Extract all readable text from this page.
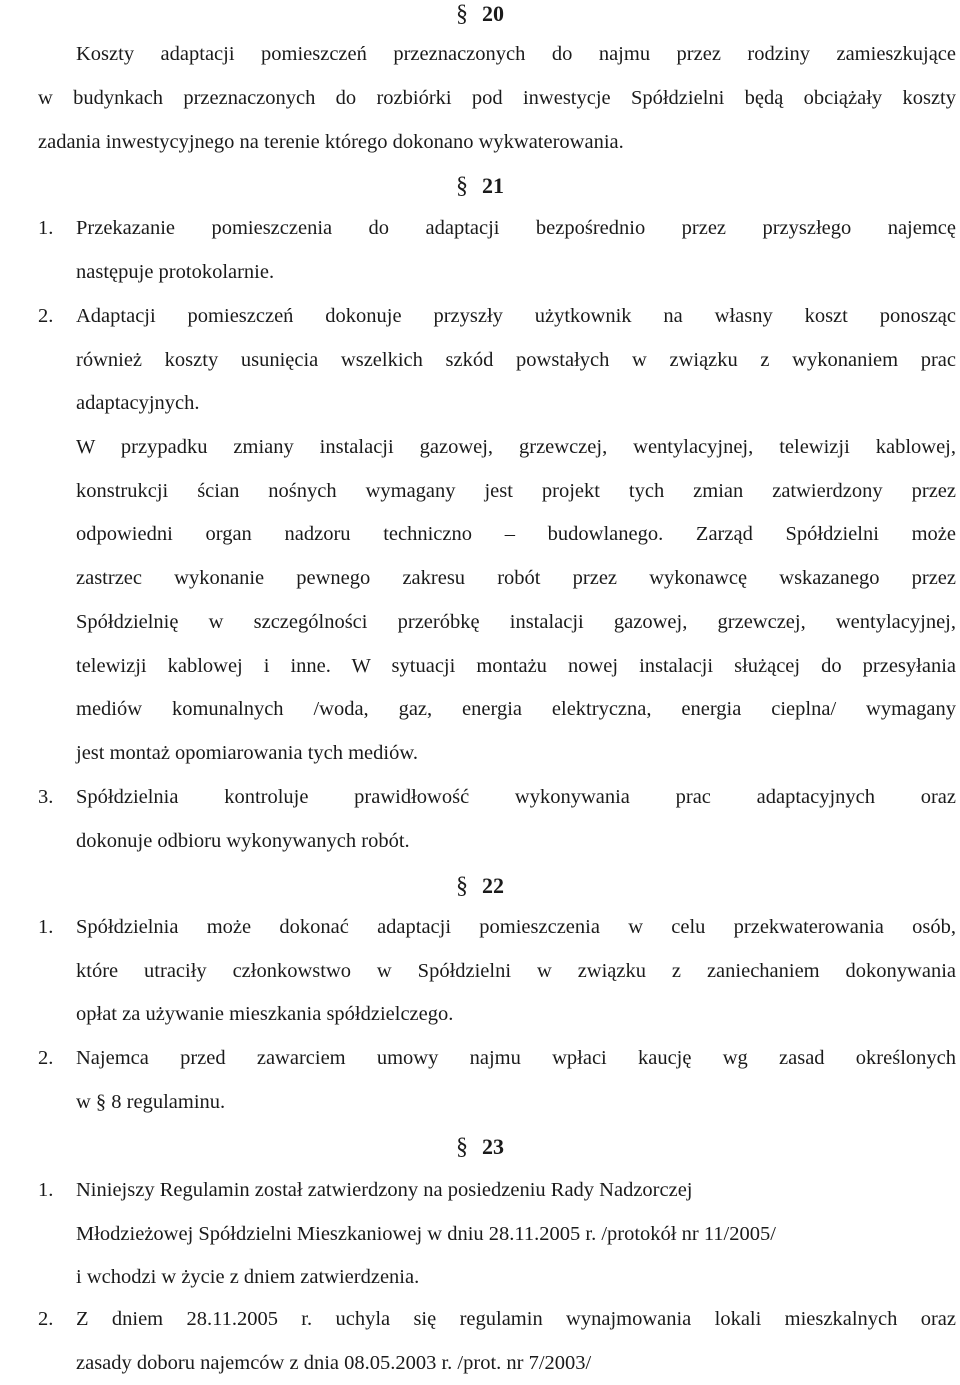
§ 20
Koszty adaptacji pomieszczeń przeznaczonych do najmu przez rodziny zamieszkujące
w budynkach przeznaczonych do rozbiórki pod inwestycje Spółdzielni będą obciążały koszty
zadania inwestycyjnego na terenie którego dokonano wykwaterowania.
§ 21
1. Przekazanie pomieszczenia do adaptacji bezpośrednio przez przyszłego najemcę
następuje protokolarnie.
2. Adaptacji pomieszczeń dokonuje przyszły użytkownik na własny koszt ponosząc
również koszty usunięcia wszelkich szkód powstałych w związku z wykonaniem prac
adaptacyjnych.
W przypadku zmiany instalacji gazowej, grzewczej, wentylacyjnej, telewizji kablowej,
konstrukcji ścian nośnych wymagany jest projekt tych zmian zatwierdzony przez
odpowiedni organ nadzoru techniczno – budowlanego. Zarząd Spółdzielni może
zastrzec wykonanie pewnego zakresu robót przez wykonawcę wskazanego przez
Spółdzielnię w szczególności przeróbkę instalacji gazowej, grzewczej, wentylacyjnej,
telewizji kablowej i inne. W sytuacji montażu nowej instalacji służącej do przesyłania
mediów komunalnych /woda, gaz, energia elektryczna, energia cieplna/ wymagany
jest montaż opomiarowania tych mediów.
3. Spółdzielnia kontroluje prawidłowość wykonywania prac adaptacyjnych oraz
dokonuje odbioru wykonywanych robót.
§ 22
1. Spółdzielnia może dokonać adaptacji pomieszczenia w celu przekwaterowania osób,
które utraciły członkowstwo w Spółdzielni w związku z zaniechaniem dokonywania
opłat za używanie mieszkania spółdzielczego.
2. Najemca przed zawarciem umowy najmu wpłaci kaucję wg zasad określonych
w § 8 regulaminu.
§ 23
1. Niniejszy Regulamin został zatwierdzony na posiedzeniu Rady Nadzorczej
Młodzieżowej Spółdzielni Mieszkaniowej w dniu 28.11.2005 r. /protokół nr 11/2005/
i wchodzi w życie z dniem zatwierdzenia.
2. Z dniem 28.11.2005 r. uchyla się regulamin wynajmowania lokali mieszkalnych oraz
zasady doboru najemców z dnia 08.05.2003 r. /prot. nr 7/2003/
